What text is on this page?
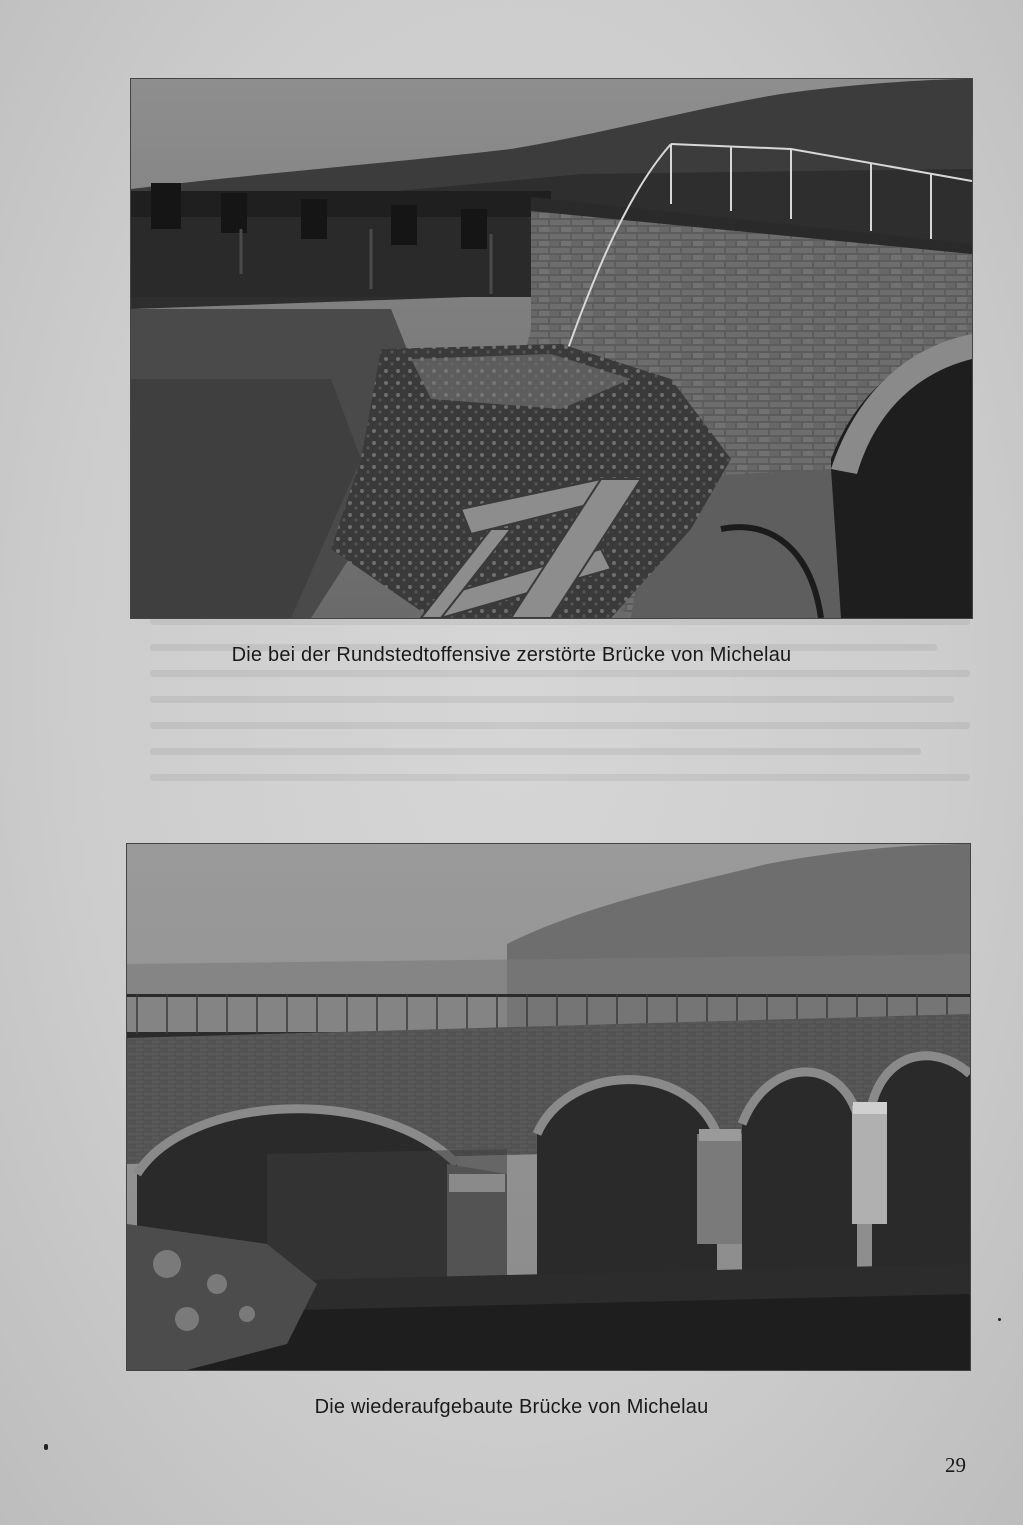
Die bei der Rundstedtoffensive zerstörte Brücke von Michelau
Die wiederaufgebaute Brücke von Michelau
29
